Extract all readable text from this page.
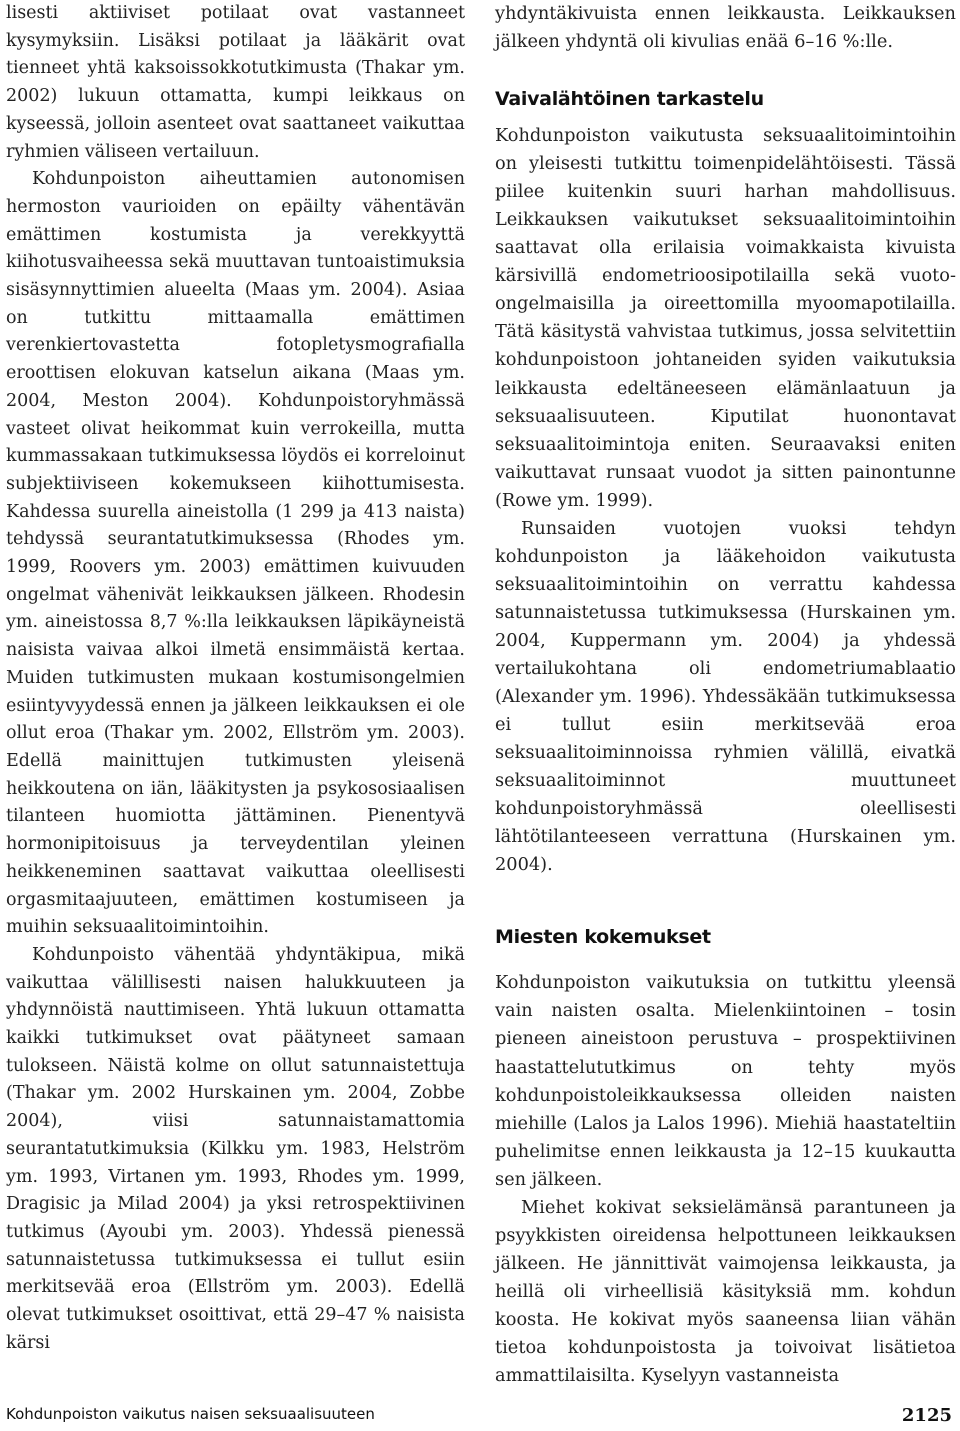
lisesti aktiiviset potilaat ovat vastanneet kysymyksiin. Lisäksi potilaat ja lääkärit ovat tienneet yhtä kaksoissokkotutkimusta (Thakar ym. 2002) lukuun ottamatta, kumpi leikkaus on kyseessä, jolloin asenteet ovat saattaneet vaikuttaa ryhmien väliseen vertailuun.

Kohdunpoiston aiheuttamien autonomisen hermoston vaurioiden on epäilty vähentävän emättimen kostumista ja verekkyyttä kiihotusvaiheessa sekä muuttavan tuntoaistimuksia sisäsynnyttimien alueelta (Maas ym. 2004). Asiaa on tutkittu mittaamalla emättimen verenkiertovastetta fotopletysmografialla eroottisen elokuvan katselun aikana (Maas ym. 2004, Meston 2004). Kohdunpoistoryhmässä vasteet olivat heikommat kuin verrokeilla, mutta kummassakaan tutkimuksessa löydös ei korreloinut subjektiiviseen kokemukseen kiihottumisesta. Kahdessa suurella aineistolla (1 299 ja 413 naista) tehdyssä seurantatutkimuksessa (Rhodes ym. 1999, Roovers ym. 2003) emättimen kuivuuden ongelmat vähenivät leikkauksen jälkeen. Rhodesin ym. aineistossa 8,7 %:lla leikkauksen läpikäyneistä naisista vaivaa alkoi ilmetä ensimmäistä kertaa. Muiden tutkimusten mukaan kostumisongelmien esiintyvyydessä ennen ja jälkeen leikkauksen ei ole ollut eroa (Thakar ym. 2002, Ellström ym. 2003). Edellä mainittujen tutkimusten yleisenä heikkoutena on iän, lääkitysten ja psykososiaalisen tilanteen huomiotta jättäminen. Pienentyvä hormonipitoisuus ja terveydentilan yleinen heikkeneminen saattavat vaikuttaa oleellisesti orgasmitaajuuteen, emättimen kostumiseen ja muihin seksuaalitoimintoihin.

Kohdunpoisto vähentää yhdyntäkipua, mikä vaikuttaa välillisesti naisen halukkuuteen ja yhdynnöistä nauttimiseen. Yhtä lukuun ottamatta kaikki tutkimukset ovat päätyneet samaan tulokseen. Näistä kolme on ollut satunnaistettuja (Thakar ym. 2002 Hurskainen ym. 2004, Zobbe 2004), viisi satunnaistamattomia seurantatutkimuksia (Kilkku ym. 1983, Helström ym. 1993, Virtanen ym. 1993, Rhodes ym. 1999, Dragisic ja Milad 2004) ja yksi retrospektiivinen tutkimus (Ayoubi ym. 2003). Yhdessä pienessä satunnaistetussa tutkimuksessa ei tullut esiin merkitsevää eroa (Ellström ym. 2003). Edellä olevat tutkimukset osoittivat, että 29–47 % naisista kärsi

yhdyntäkivuista ennen leikkausta. Leikkauksen jälkeen yhdyntä oli kivulias enää 6–16 %:lle.

Vaivalähtöinen tarkastelu

Kohdunpoiston vaikutusta seksuaalitoimintoihin on yleisesti tutkittu toimenpidelähtöisesti. Tässä piilee kuitenkin suuri harhan mahdollisuus. Leikkauksen vaikutukset seksuaalitoimintoihin saattavat olla erilaisia voimakkaista kivuista kärsivillä endometrioosipotilailla sekä vuoto-ongelmaisilla ja oireettomilla myoomapotilailla. Tätä käsitystä vahvistaa tutkimus, jossa selvitettiin kohdunpoistoon johtaneiden syiden vaikutuksia leikkausta edeltäneeseen elämänlaatuun ja seksuaalisuuteen. Kiputilat huonontavat seksuaalitoimintoja eniten. Seuraavaksi eniten vaikuttavat runsaat vuodot ja sitten painontunne (Rowe ym. 1999).

Runsaiden vuotojen vuoksi tehdyn kohdunpoiston ja lääkehoidon vaikutusta seksuaalitoimintoihin on verrattu kahdessa satunnaistetussa tutkimuksessa (Hurskainen ym. 2004, Kuppermann ym. 2004) ja yhdessä vertailukohtana oli endometriumablaatio (Alexander ym. 1996). Yhdessäkään tutkimuksessa ei tullut esiin merkitsevää eroa seksuaalitoiminnoissa ryhmien välillä, eivatkä seksuaalitoiminnot muuttuneet kohdunpoistoryhmässä oleellisesti lähtötilanteeseen verrattuna (Hurskainen ym. 2004).

Miesten kokemukset

Kohdunpoiston vaikutuksia on tutkittu yleensä vain naisten osalta. Mielenkiintoinen – tosin pieneen aineistoon perustuva – prospektiivinen haastattelututkimus on tehty myös kohdunpoistoleikkauksessa olleiden naisten miehille (Lalos ja Lalos 1996). Miehiä haastateltiin puhelimitse ennen leikkausta ja 12–15 kuukautta sen jälkeen.

Miehet kokivat seksielämänsä parantuneen ja psyykkisten oireidensa helpottuneen leikkauksen jälkeen. He jännittivät vaimojensa leikkausta, ja heillä oli virheellisiä käsityksiä mm. kohdun koosta. He kokivat myös saaneensa liian vähän tietoa kohdunpoistosta ja toivoivat lisätietoa ammattilaisilta. Kyselyyn vastanneista

Kohdunpoiston vaikutus naisen seksuaalisuuteen	2125
